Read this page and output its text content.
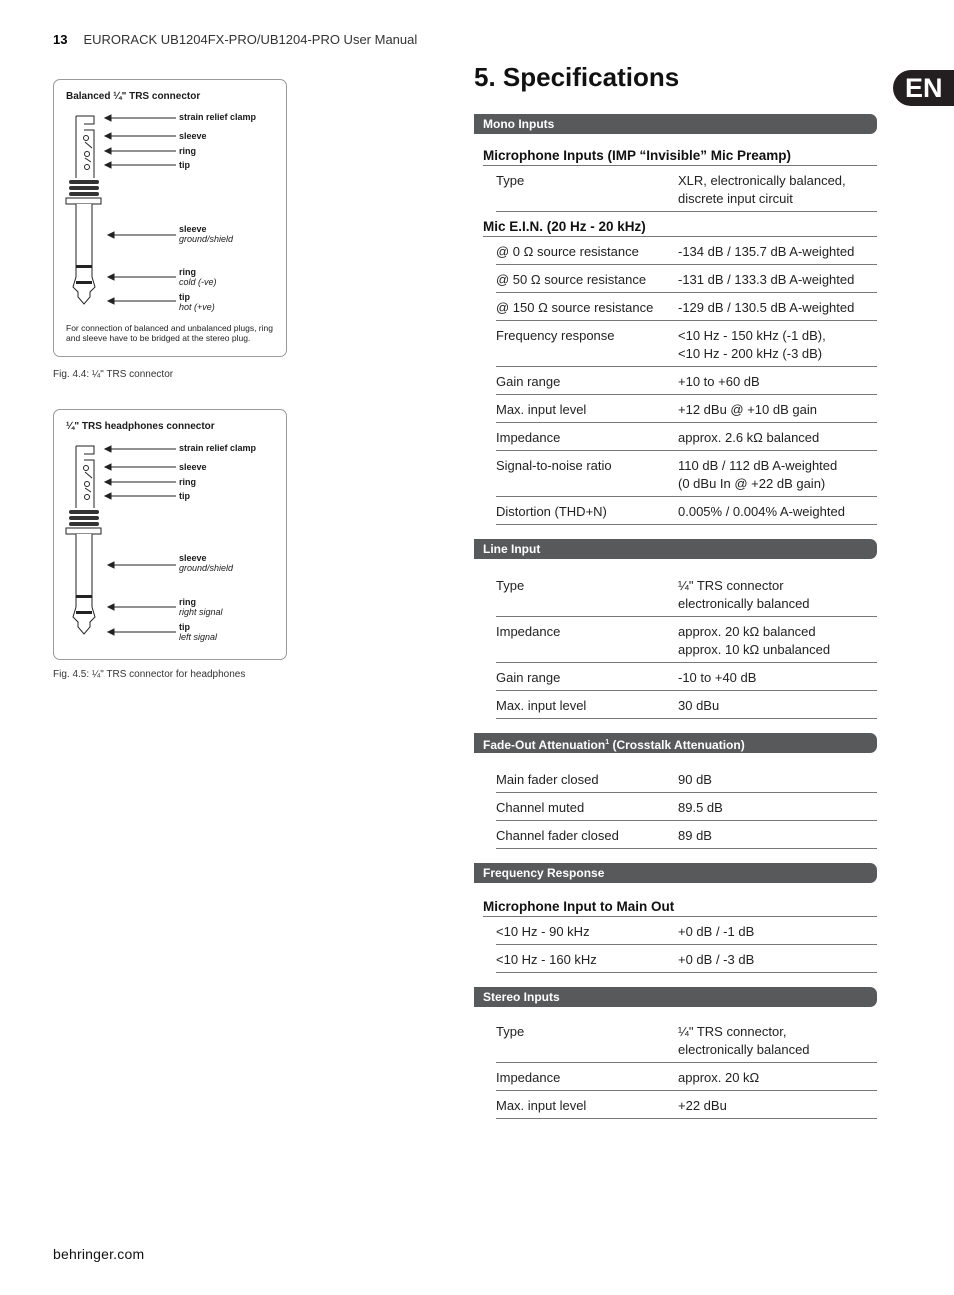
13 EURORACK UB1204FX-PRO/UB1204-PRO User Manual
EN
Balanced ¼" TRS connector
strain relief clamp
sleeve
ring
tip
sleeve
ground/shield
ring
cold (-ve)
tip
hot (+ve)
For connection of balanced and unbalanced plugs, ring and sleeve have to be bridged at the stereo plug.
Fig. 4.4: ¼" TRS connector
¼" TRS headphones connector
strain relief clamp
sleeve
ring
tip
sleeve
ground/shield
ring
right signal
tip
left signal
Fig. 4.5: ¼" TRS connector for headphones
5. Specifications
Mono Inputs
Microphone Inputs (IMP “Invisible” Mic Preamp)
Type	XLR, electronically balanced,
discrete input circuit
Mic E.I.N. (20 Hz - 20 kHz)
@ 0 Ω source resistance	-134 dB / 135.7 dB A-weighted
@ 50 Ω source resistance	-131 dB / 133.3 dB A-weighted
@ 150 Ω source resistance	-129 dB / 130.5 dB A-weighted
Frequency response	<10 Hz - 150 kHz (-1 dB),
<10 Hz - 200 kHz (-3 dB)
Gain range	+10 to +60 dB
Max. input level	+12 dBu @ +10 dB gain
Impedance	approx. 2.6 kΩ balanced
Signal-to-noise ratio	110 dB / 112 dB A-weighted
(0 dBu In @ +22 dB gain)
Distortion (THD+N)	0.005% / 0.004% A-weighted
Line Input
Type	¼" TRS connector
electronically balanced
Impedance	approx. 20 kΩ balanced
approx. 10 kΩ unbalanced
Gain range	-10 to +40 dB
Max. input level	30 dBu
Fade-Out Attenuation$^1$ (Crosstalk Attenuation)
Main fader closed	90 dB
Channel muted	89.5 dB
Channel fader closed	89 dB
Frequency Response
Microphone Input to Main Out
<10 Hz - 90 kHz	+0 dB / -1 dB
<10 Hz - 160 kHz	+0 dB / -3 dB
Stereo Inputs
Type	¼" TRS connector,
electronically balanced
Impedance	approx. 20 kΩ
Max. input level	+22 dBu
behringer.com
